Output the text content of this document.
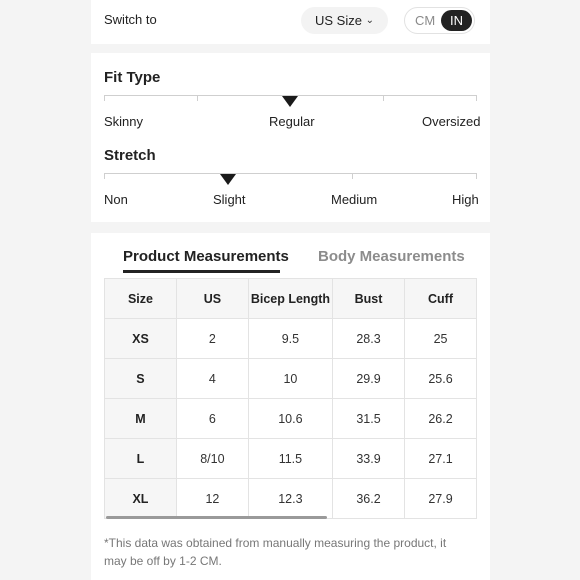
Switch to	US Size ⌄	CM	IN
Fit Type
Skinny	Regular	Oversized
Stretch
Non	Slight	Medium	High
Product Measurements Body Measurements
Size	US	Bicep Length	Bust	Cuff
XS	2	9.5	28.3	25
S	4	10	29.9	25.6
M	6	10.6	31.5	26.2
L	8/10	11.5	33.9	27.1
XL	12	12.3	36.2	27.9
*This data was obtained from manually measuring the product, it may be off by 1-2 CM.
